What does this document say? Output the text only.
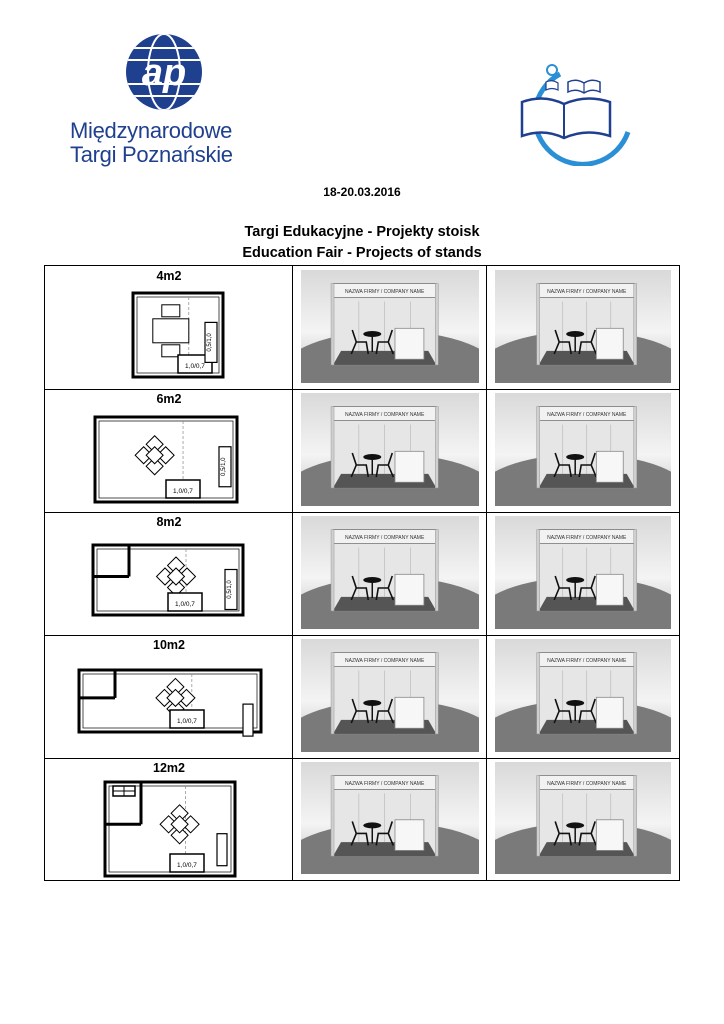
ap
Międzynarodowe
Targi Poznańskie
18-20.03.2016
Targi Edukacyjne - Projekty stoisk
Education Fair - Projects of stands
4m2
1,0/0,7
0,5/1,0
NAZWA FIRMY / COMPANY NAME	NAZWA FIRMY / COMPANY NAME
6m2
1,0/0,7
0,5/1,0
NAZWA FIRMY / COMPANY NAME	NAZWA FIRMY / COMPANY NAME
8m2
1,0/0,7
0,5/1,0
NAZWA FIRMY / COMPANY NAME	NAZWA FIRMY / COMPANY NAME
10m2
1,0/0,7
NAZWA FIRMY / COMPANY NAME	NAZWA FIRMY / COMPANY NAME
12m2
1,0/0,7
NAZWA FIRMY / COMPANY NAME	NAZWA FIRMY / COMPANY NAME
